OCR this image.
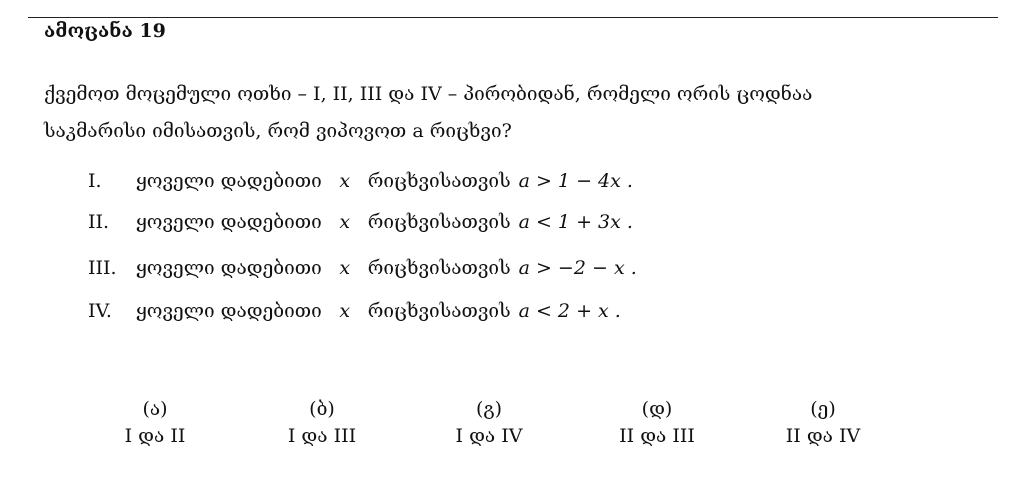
ამოცანა 19
ქვემოთ მოცემული ოთხი – I, II, III და IV – პირობიდან, რომელი ორის ცოდნაა
საკმარისი იმისათვის, რომ ვიპოვოთ a რიცხვი?
I. ყოველი დადებითი x რიცხვისათვის a > 1 − 4x .
II. ყოველი დადებითი x რიცხვისათვის a < 1 + 3x .
III. ყოველი დადებითი x რიცხვისათვის a > −2 − x .
IV. ყოველი დადებითი x რიცხვისათვის a < 2 + x .
(ა)
I და II
(ბ)
I და III
(გ)
I და IV
(დ)
II და III
(ე)
II და IV
